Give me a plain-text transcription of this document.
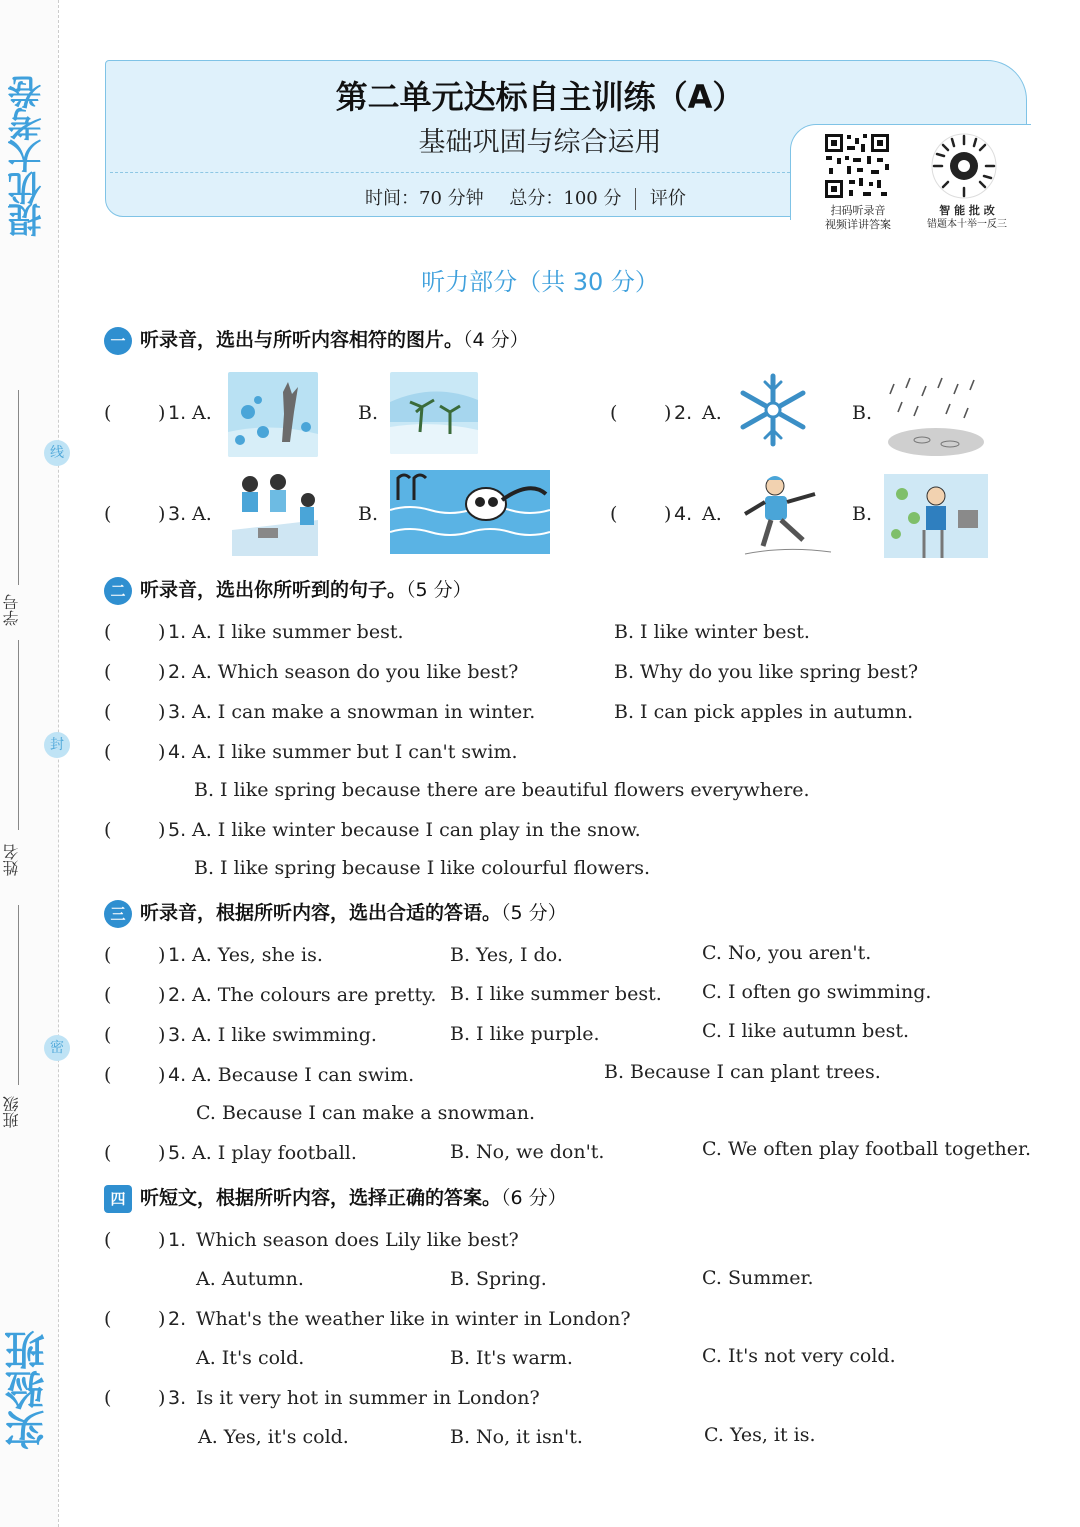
提优大考卷
实验班
学号
姓名
班级
线
封
密
第二单元达标自主训练（A）
基础巩固与综合运用
时间：70 分钟 总分：100 分 评价
扫码听录音
视频详讲答案
智 能 批 改
错题本十举一反三
听力部分（共 30 分）
一 听录音，选出与所听内容相符的图片。（4 分）
( ) 1. A.	B.	( ) 2. A.	B.
( ) 3. A.	B.	( ) 4. A.	B.
二 听录音，选出你所听到的句子。（5 分）
( ) 1. A. I like summer best.	B. I like winter best.
( ) 2. A. Which season do you like best?	B. Why do you like spring best?
( ) 3. A. I can make a snowman in winter.	B. I can pick apples in autumn.
( ) 4. A. I like summer but I can't swim.
B. I like spring because there are beautiful flowers everywhere.
( ) 5. A. I like winter because I can play in the snow.
B. I like spring because I like colourful flowers.
三 听录音，根据所听内容，选出合适的答语。（5 分）
( ) 1. A. Yes, she is.	B. Yes, I do.	C. No, you aren't.
( ) 2. A. The colours are pretty. B. I like summer best. C. I often go swimming.
( ) 3. A. I like swimming.	B. I like purple.	C. I like autumn best.
( ) 4. A. Because I can swim.	B. Because I can plant trees.
C. Because I can make a snowman.
( ) 5. A. I play football.	B. No, we don't.	C. We often play football together.
四 听短文，根据所听内容，选择正确的答案。（6 分）
( ) 1. Which season does Lily like best?
A. Autumn.	B. Spring.	C. Summer.
( ) 2. What's the weather like in winter in London?
A. It's cold.	B. It's warm.	C. It's not very cold.
( ) 3. Is it very hot in summer in London?
A. Yes, it's cold.	B. No, it isn't.	C. Yes, it is.
